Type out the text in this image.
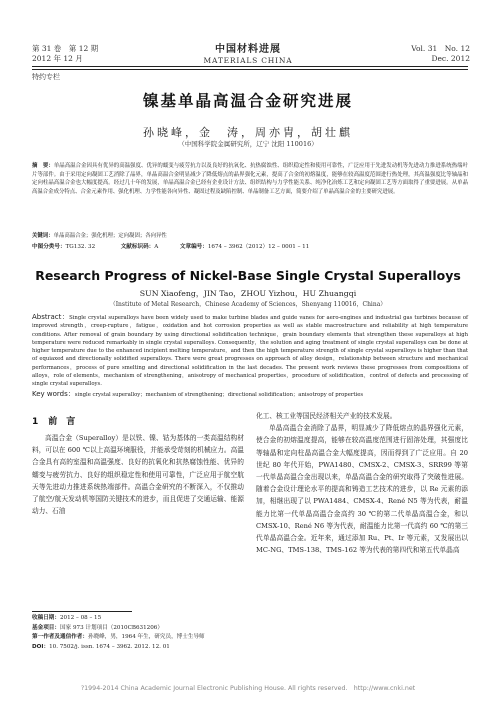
第 31 卷　第 12 期
2012 年 12 月
中国材料进展
MATERIALS CHINA
Vol. 31　No. 12
Dec. 2012
特约专栏
镍基单晶高温合金研究进展
孙晓峰，金　涛，周亦胄，胡壮麒
（中国科学院金属研究所，辽宁 沈阳 110016）
摘　要：单晶高温合金因具有优异的高温强度、优异的蠕变与疲劳抗力以及良好的抗氧化、抗热腐蚀性、组织稳定性和使用可靠性，广泛应用于先进发动机等先进动力推进系统热端叶片等部件。由于采用定向凝固工艺消除了晶界，单晶高温合金明显减少了降低熔点的晶界强化元素，提高了合金的初熔温度，能够在较高温度范围进行热处理，其高温强度比等轴晶和定向柱晶高温合金也大幅度提高。经过几十年的发展，单晶高温合金已经有企业设计方法、组织结构与力学性能关系、纯净化冶炼工艺和定向凝固工艺等方面取得了重要进展。从单晶高温合金成分特点、合金元素作用、强化机理、力学性能各向异性、凝固过程及缺陷控制、单晶制备工艺方面，简要介绍了单晶高温合金的主要研究进展。
关键词：单晶高温合金；强化机理；定向凝固；各向异性
中图分类号：TG132. 32	文献标识码：A	文章编号：1674 – 3962（2012）12 – 0001 – 11
Research Progress of Nickel-Base Single Crystal Superalloys
SUN Xiaofeng，JIN Tao，ZHOU Yizhou，HU Zhuangqi
（Institute of Metal Research，Chinese Academy of Sciences，Shenyang 110016，China）
Abstract：Single crystal superalloys have been widely used to make turbine blades and guide vanes for aero-engines and industrial gas turbines because of improved strength，creep-rupture，fatigue，oxidation and hot corrosion properties as well as stable macrostructure and reliability at high temperature conditions. After removal of grain boundary by using directional solidification technique，grain boundary elements that strengthen these superalloys at high temperature were reduced remarkably in single crystal superalloys. Consequently，the solution and aging treatment of single crystal superalloys can be done at higher temperature due to the enhanced incipient melting temperature，and then the high temperature strength of single crystal superalloys is higher than that of equiaxed and directionally solidified superalloys. There were great progresses on approach of alloy design，relationship between structure and mechanical performances，process of pure smelting and directional solidification in the last decades. The present work reviews these progresses from compositions of alloys，role of elements，mechanism of strengthening，anisotropy of mechanical properties，procedure of solidification，control of defects and processing of single crystal superalloys.
Key words：single crystal superalloy；mechanism of strengthening；directional solidification；anisotropy of properties
1 前　言

高温合金（Superalloy）是以铁、镍、钴为基体的一类高温结构材料，可以在 600 ℃以上高温环境服役，并能承受苛刻的机械应力。高温合金具有高的室温和高温强度、良好的抗氧化和抗热腐蚀性能、优异的蠕变与疲劳抗力、良好的组织稳定性和使用可靠性，广泛应用于航空航天等先进动力推进系统热端部件。高温合金研究的不断深入，不仅推动了航空/航天发动机等国防关键技术的进步，而且促进了交通运输、能源动力、石油

化工、核工业等国民经济相关产业的技术发展。

单晶高温合金消除了晶界，明显减少了降低熔点的晶界强化元素，使合金的初熔温度提高，能够在较高温度范围进行固溶处理，其强度比等轴晶和定向柱晶高温合金大幅度提高，因而得到了广泛应用。自 20 世纪 80 年代开始，PWA1480、CMSX-2、CMSX-3、SRR99 等第一代单晶高温合金出现以来，单晶高温合金的研究取得了突破性进展。随着合金设计理论水平的提高和铸造工艺技术的进步，以 Re 元素的添加，相继出现了以 PWA1484、CMSX-4、René N5 等为代表，耐温能力比第一代单晶高温合金高约 30 ℃的第二代单晶高温合金，和以 CMSX-10、René N6 等为代表，耐温能力比第一代高约 60 ℃的第三代单晶高温合金。近年来，通过添加 Ru、Pt、Ir 等元素，又发展出以 MC-NG、TMS-138、TMS-162 等为代表的第四代和第五代单晶高

收稿日期：2012 – 08 – 15
基金项目：国家 973 计划项目（2010CB631206）
第一作者及通信作者：孙晓峰，男，1964 年生，研究员，博士生导师
DOI：10. 7502/j. issn. 1674 – 3962. 2012. 12. 01
?1994-2014 China Academic Journal Electronic Publishing House. All rights reserved.　http://www.cnki.net
